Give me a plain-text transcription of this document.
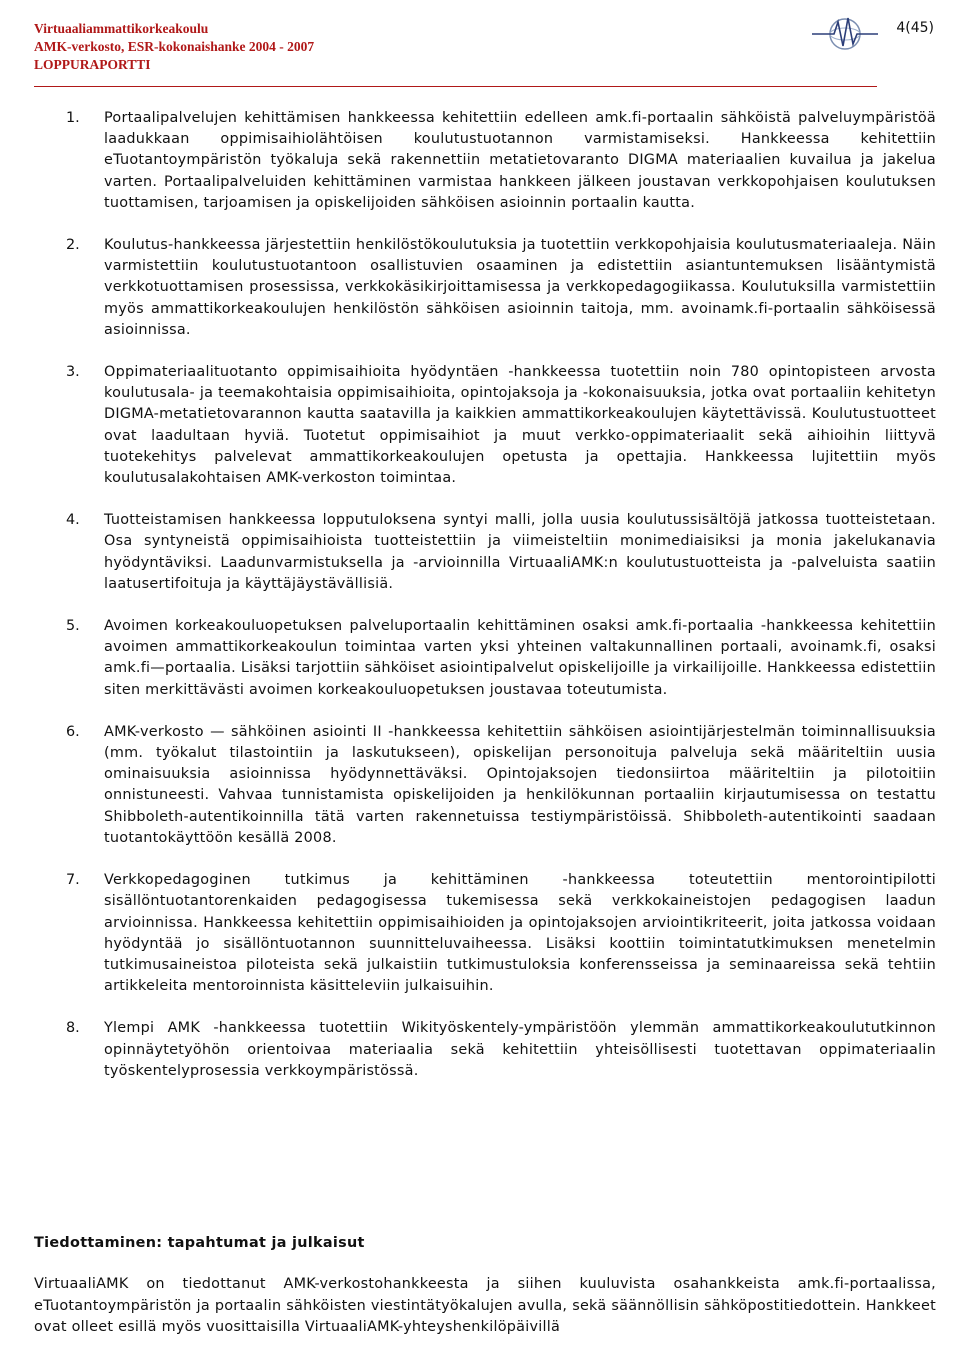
Virtuaaliammattikorkeakoulu

AMK-verkosto, ESR-kokonaishanke 2004 - 2007

LOPPURAPORTTI

4(45)
1. Portaalipalvelujen kehittämisen hankkeessa kehitettiin edelleen amk.fi-portaalin sähköistä palveluympäristöä laadukkaan oppimisaihiolähtöisen koulutustuotannon varmistamiseksi. Hankkeessa kehitettiin eTuotantoympäristön työkaluja sekä rakennettiin metatietovaranto DIGMA materiaalien kuvailua ja jakelua varten. Portaalipalveluiden kehittäminen varmistaa hankkeen jälkeen joustavan verkkopohjaisen koulutuksen tuottamisen, tarjoamisen ja opiskelijoiden sähköisen asioinnin portaalin kautta.

2. Koulutus-hankkeessa järjestettiin henkilöstökoulutuksia ja tuotettiin verkkopohjaisia koulutusmateriaaleja. Näin varmistettiin koulutustuotantoon osallistuvien osaaminen ja edistettiin asiantuntemuksen lisääntymistä verkkotuottamisen prosessissa, verkkokäsikirjoittamisessa ja verkkopedagogiikassa. Koulutuksilla varmistettiin myös ammattikorkeakoulujen henkilöstön sähköisen asioinnin taitoja, mm. avoinamk.fi-portaalin sähköisessä asioinnissa.

3. Oppimateriaalituotanto oppimisaihioita hyödyntäen -hankkeessa tuotettiin noin 780 opintopisteen arvosta koulutusala- ja teemakohtaisia oppimisaihioita, opintojaksoja ja -kokonaisuuksia, jotka ovat portaaliin kehitetyn DIGMA-metatietovarannon kautta saatavilla ja kaikkien ammattikorkeakoulujen käytettävissä. Koulutustuotteet ovat laadultaan hyviä. Tuotetut oppimisaihiot ja muut verkko-oppimateriaalit sekä aihioihin liittyvä tuotekehitys palvelevat ammattikorkeakoulujen opetusta ja opettajia. Hankkeessa lujitettiin myös koulutusalakohtaisen AMK-verkoston toimintaa.

4. Tuotteistamisen hankkeessa lopputuloksena syntyi malli, jolla uusia koulutussisältöjä jatkossa tuotteistetaan. Osa syntyneistä oppimisaihioista tuotteistettiin ja viimeisteltiin monimediaisiksi ja monia jakelukanavia hyödyntäviksi. Laadunvarmistuksella ja -arvioinnilla VirtuaaliAMK:n koulutustuotteista ja -palveluista saatiin laatusertifoituja ja käyttäjäystävällisiä.

5. Avoimen korkeakouluopetuksen palveluportaalin kehittäminen osaksi amk.fi-portaalia -hankkeessa kehitettiin avoimen ammattikorkeakoulun toimintaa varten yksi yhteinen valtakunnallinen portaali, avoinamk.fi, osaksi amk.fi—portaalia. Lisäksi tarjottiin sähköiset asiointipalvelut opiskelijoille ja virkailijoille. Hankkeessa edistettiin siten merkittävästi avoimen korkeakouluopetuksen joustavaa toteutumista.

6. AMK-verkosto — sähköinen asiointi II -hankkeessa kehitettiin sähköisen asiointijärjestelmän toiminnallisuuksia (mm. työkalut tilastointiin ja laskutukseen), opiskelijan personoituja palveluja sekä määriteltiin uusia ominaisuuksia asioinnissa hyödynnettäväksi. Opintojaksojen tiedonsiirtoa määriteltiin ja pilotoitiin onnistuneesti. Vahvaa tunnistamista opiskelijoiden ja henkilökunnan portaaliin kirjautumisessa on testattu Shibboleth-autentikoinnilla tätä varten rakennetuissa testiympäristöissä. Shibboleth-autentikointi saadaan tuotantokäyttöön kesällä 2008.

7. Verkkopedagoginen tutkimus ja kehittäminen -hankkeessa toteutettiin mentorointipilotti sisällöntuotantorenkaiden pedagogisessa tukemisessa sekä verkkokaineistojen pedagogisen laadun arvioinnissa. Hankkeessa kehitettiin oppimisaihioiden ja opintojaksojen arviointikriteerit, joita jatkossa voidaan hyödyntää jo sisällöntuotannon suunnitteluvaiheessa. Lisäksi koottiin toimintatutkimuksen menetelmin tutkimusaineistoa piloteista sekä julkaistiin tutkimustuloksia konferensseissa ja seminaareissa sekä tehtiin artikkeleita mentoroinnista käsitteleviin julkaisuihin.

8. Ylempi AMK -hankkeessa tuotettiin Wikityöskentely-ympäristöön ylemmän ammattikorkeakoulututkinnon opinnäytetyöhön orientoivaa materiaalia sekä kehitettiin yhteisöllisesti tuotettavan oppimateriaalin työskentelyprosessia verkkoympäristössä.

Tiedottaminen: tapahtumat ja julkaisut

VirtuaaliAMK on tiedottanut AMK-verkostohankkeesta ja siihen kuuluvista osahankkeista amk.fi-portaalissa, eTuotantoympäristön ja portaalin sähköisten viestintätyökalujen avulla, sekä säännöllisin sähköpostitiedottein. Hankkeet ovat olleet esillä myös vuosittaisilla VirtuaaliAMK-yhteyshenkilöpäivillä
